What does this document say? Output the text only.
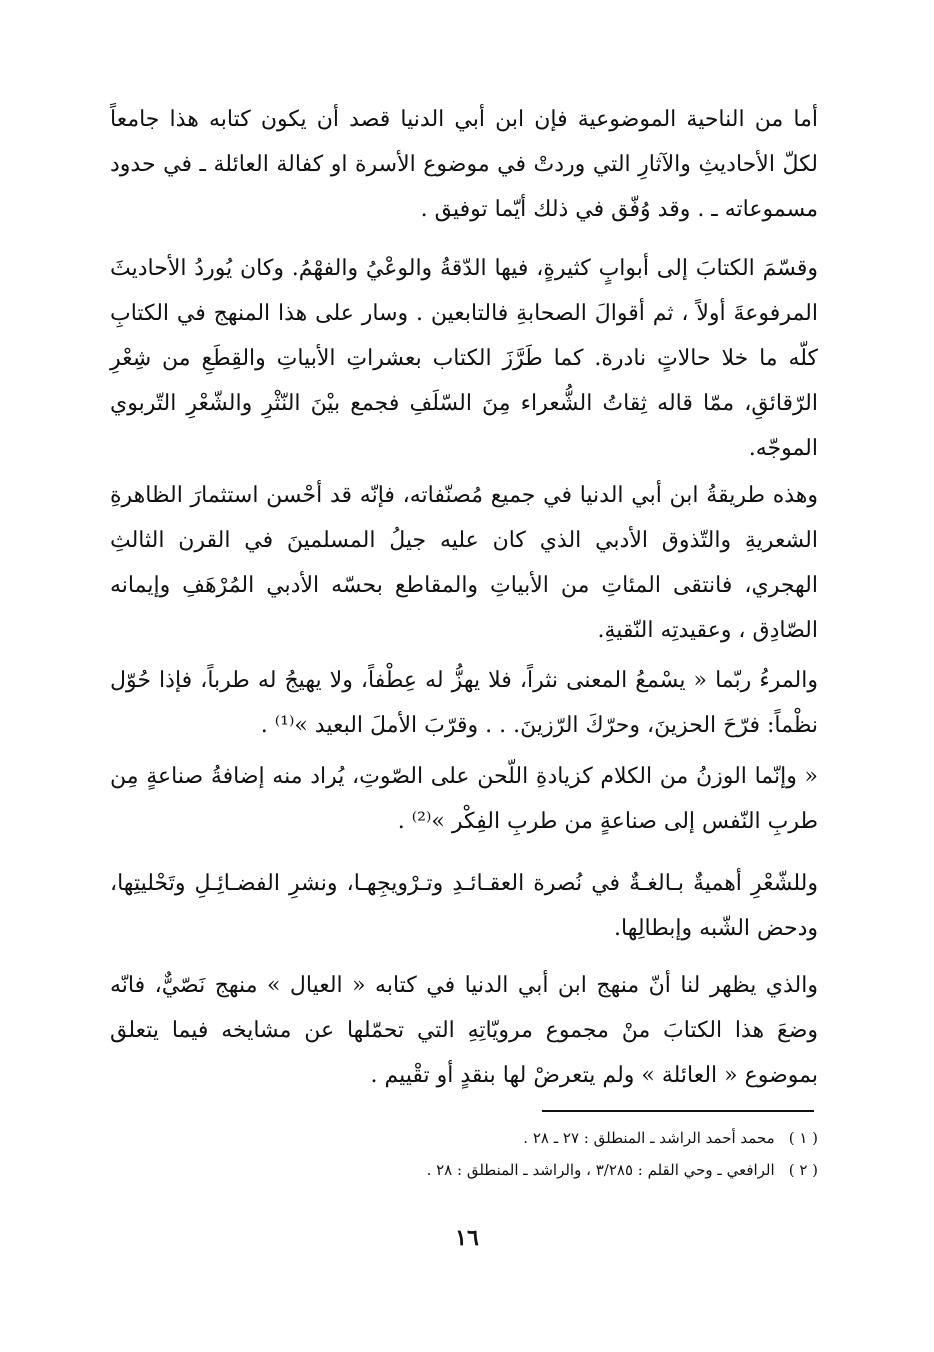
أما من الناحية الموضوعية فإن ابن أبي الدنيا قصد أن يكون كتابه هذا جامعاً لكلّ الأحاديثِ والآثارِ التي وردتْ في موضوع الأسرة او كفالة العائلة ـ في حدود مسموعاته ـ . وقد وُفّق في ذلك أيّما توفيق .

وقسّمَ الكتابَ إلى أبوابٍ كثيرةٍ، فيها الدّقةُ والوعْيُ والفهْمُ. وكان يُوردُ الأحاديثَ المرفوعةَ أولاً ، ثم أقوالَ الصحابةِ فالتابعين . وسار على هذا المنهج في الكتابِ كلّه ما خلا حالاتٍ نادرة. كما طَرَّزَ الكتاب بعشراتِ الأبياتِ والقِطَعِ من شِعْرِ الرّقائقِ، ممّا قاله ثِقاتُ الشُّعراء مِنَ السّلَفِ فجمع بيْنَ النّثْرِ والشّعْرِ التّربوي الموجّه.

وهذه طريقةُ ابن أبي الدنيا في جميع مُصنّفاته، فإنّه قد أحْسن استثمارَ الظاهرةِ الشعريةِ والتّذوق الأدبي الذي كان عليه جيلُ المسلمينَ في القرن الثالثِ الهجري، فانتقى المئاتِ من الأبياتِ والمقاطع بحسّه الأدبي المُرْهَفِ وإيمانه الصّادِق ، وعقيدتِه النّقيةِ.

والمرءُ ربّما « يسْمعُ المعنى نثراً، فلا يهزُّ له عِطْفاً، ولا يهيجُ له طرباً، فإذا حُوّل نظْماً: فرّحَ الحزينَ، وحرّكَ الرّزينَ. . . وقرّبَ الأملَ البعيد »⁽¹⁾ .

« وإنّما الوزنُ من الكلام كزيادةِ اللّحن على الصّوتِ، يُراد منه إضافةُ صناعةٍ مِن طربِ النّفس إلى صناعةٍ من طربِ الفِكْر »⁽²⁾ .

وللشّعْرِ أهميةٌ بـالغـةٌ في نُصرة العقـائـدِ وتـرْويجِهـا، ونشرِ الفضـائِـلِ وتَحْليتِها، ودحض الشّبه وإبطالِها.

والذي يظهر لنا أنّ منهج ابن أبي الدنيا في كتابه « العيال » منهج نَصّيٌّ، فانّه وضعَ هذا الكتابَ منْ مجموع مرويّاتِهِ التي تحمّلها عن مشايخه فيما يتعلق بموضوع « العائلة » ولم يتعرضْ لها بنقدٍ أو تقْييم .

( ١ )محمد أحمد الراشد ـ المنطلق : ٢٧ ـ ٢٨ .
( ٢ )الرافعي ـ وحي القلم : ٣/٢٨٥ ، والراشد ـ المنطلق : ٢٨ .
١٦
